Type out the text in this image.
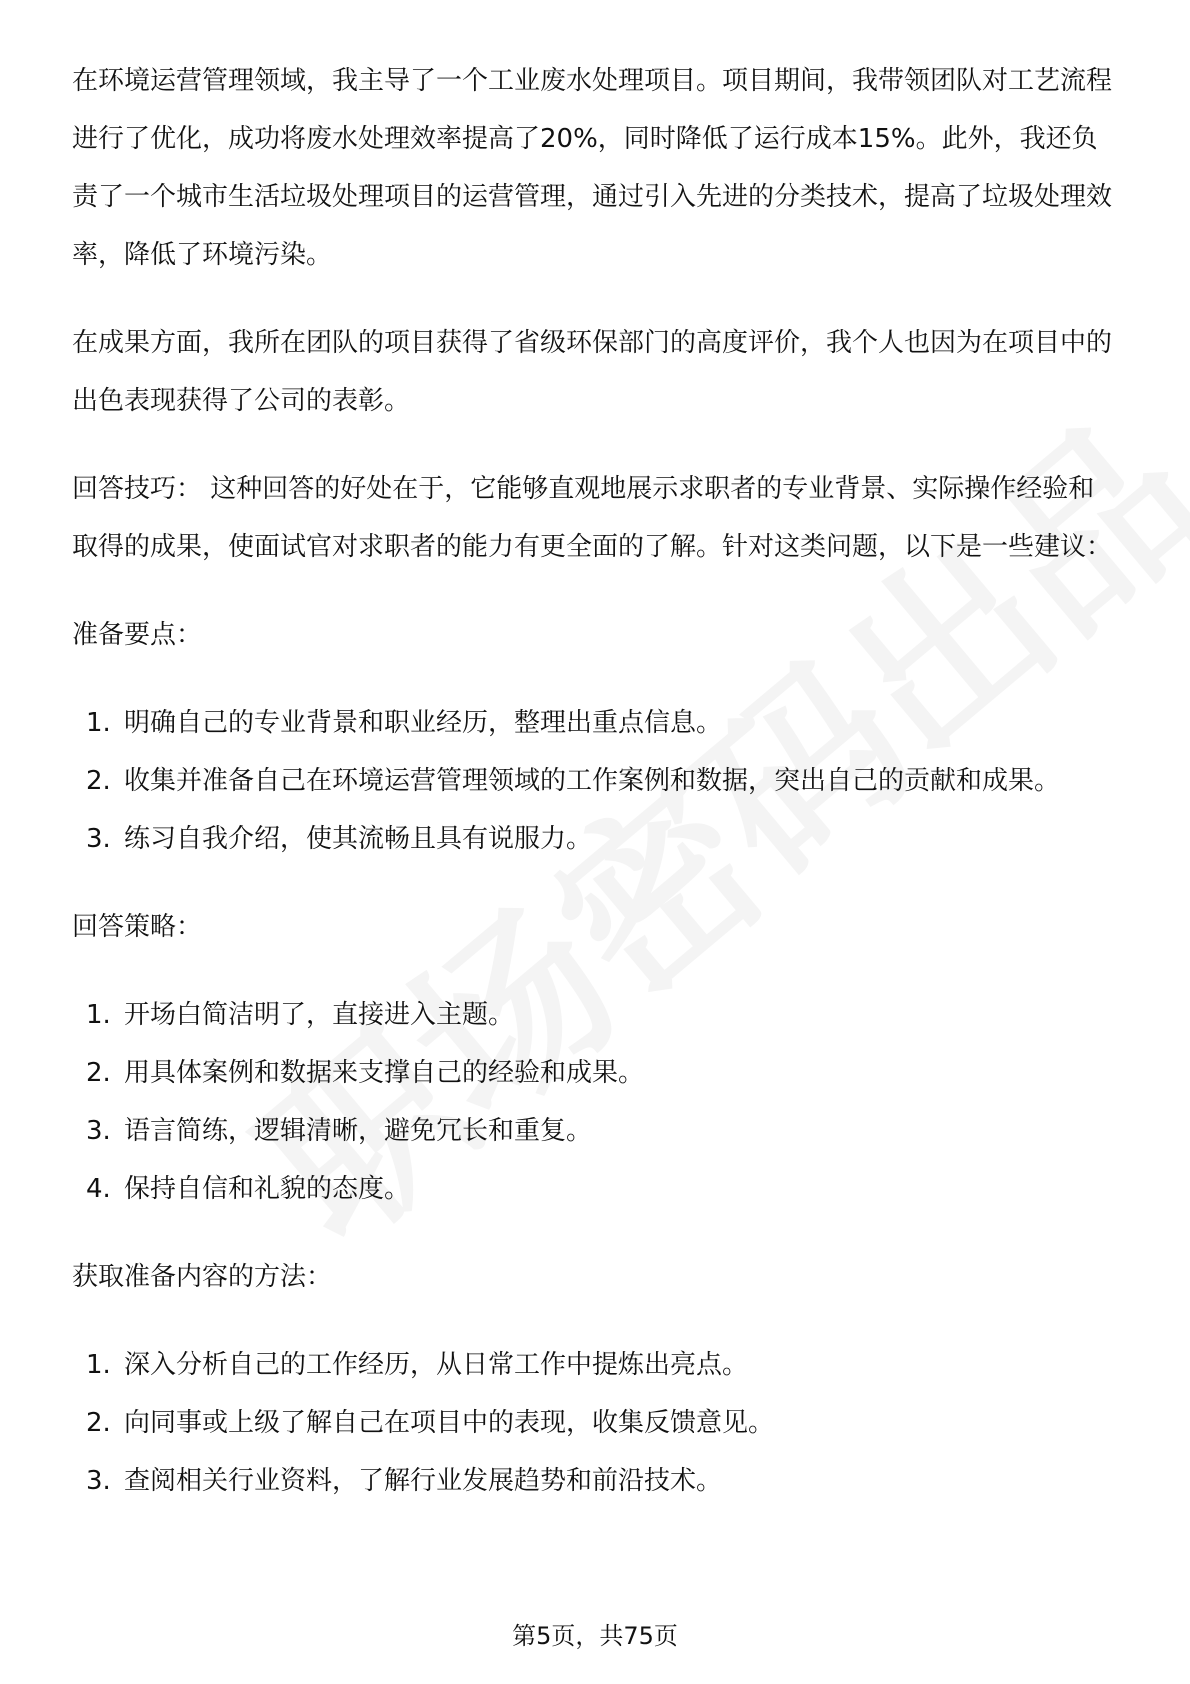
在环境运营管理领域，我主导了一个工业废水处理项目。项目期间，我带领团队对工艺流程进行了优化，成功将废水处理效率提高了20%，同时降低了运行成本15%。此外，我还负责了一个城市生活垃圾处理项目的运营管理，通过引入先进的分类技术，提高了垃圾处理效率，降低了环境污染。

在成果方面，我所在团队的项目获得了省级环保部门的高度评价，我个人也因为在项目中的出色表现获得了公司的表彰。

回答技巧： 这种回答的好处在于，它能够直观地展示求职者的专业背景、实际操作经验和取得的成果，使面试官对求职者的能力有更全面的了解。针对这类问题，以下是一些建议：

准备要点：

1. 明确自己的专业背景和职业经历，整理出重点信息。
2. 收集并准备自己在环境运营管理领域的工作案例和数据，突出自己的贡献和成果。
3. 练习自我介绍，使其流畅且具有说服力。

回答策略：

1. 开场白简洁明了，直接进入主题。
2. 用具体案例和数据来支撑自己的经验和成果。
3. 语言简练，逻辑清晰，避免冗长和重复。
4. 保持自信和礼貌的态度。

获取准备内容的方法：

1. 深入分析自己的工作经历，从日常工作中提炼出亮点。
2. 向同事或上级了解自己在项目中的表现，收集反馈意见。
3. 查阅相关行业资料，了解行业发展趋势和前沿技术。
第5页，共75页
